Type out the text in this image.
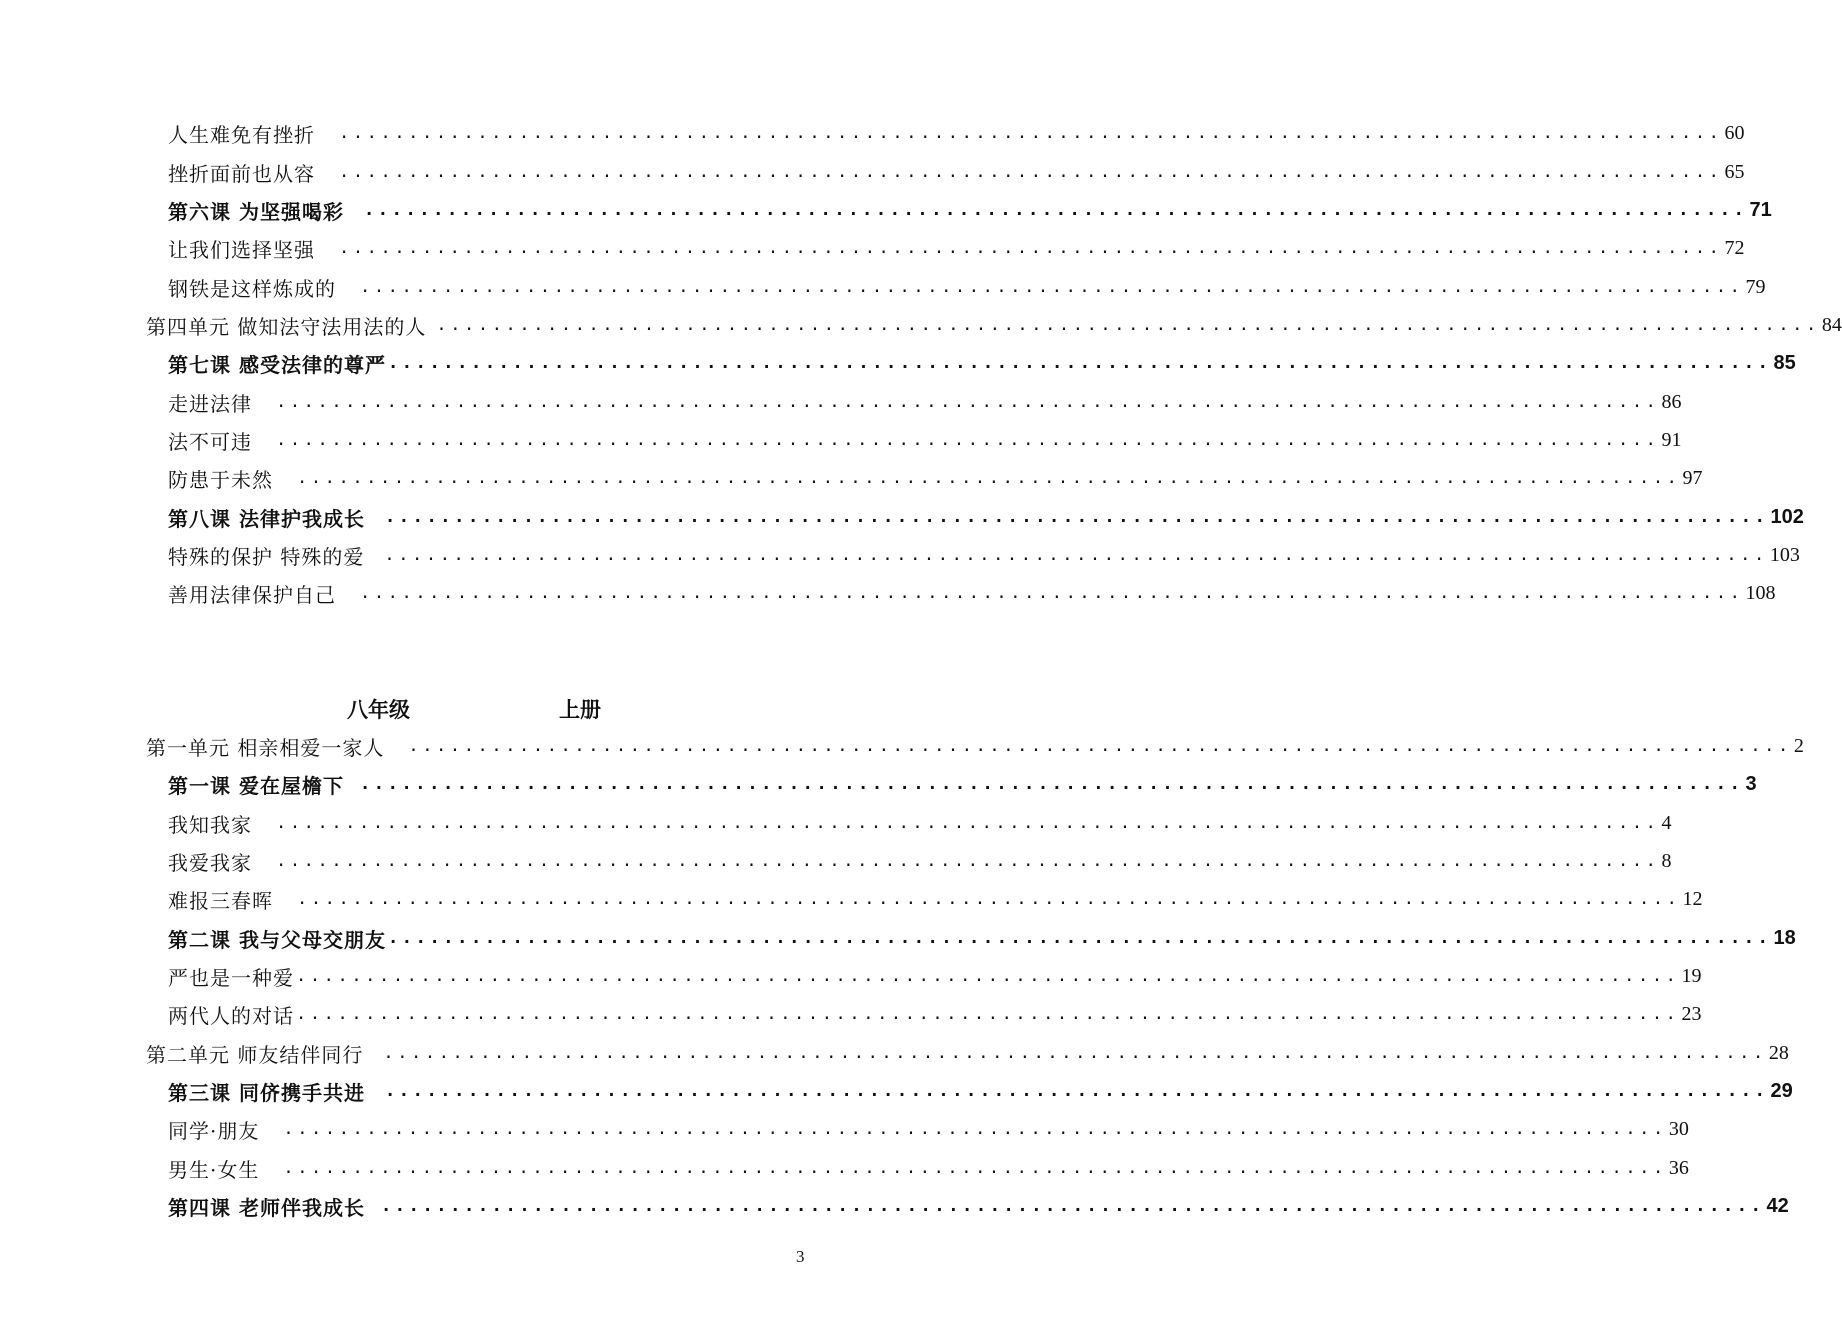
人生难免有挫折 .................................................................................................... 60
挫折面前也从容 .................................................................................................... 65
第六课 为坚强喝彩 .................................................................................................... 71
让我们选择坚强 .................................................................................................... 72
钢铁是这样炼成的 .................................................................................................... 79
第四单元 做知法守法用法的人 .................................................................................................... 84
第七课 感受法律的尊严 .................................................................................................... 85
走进法律 .................................................................................................... 86
法不可违 .................................................................................................... 91
防患于未然 .................................................................................................... 97
第八课 法律护我成长 .................................................................................................... 102
特殊的保护 特殊的爱 .................................................................................................... 103
善用法律保护自己 .................................................................................................... 108
八年级	上册
第一单元 相亲相爱一家人 .................................................................................................... 2
第一课 爱在屋檐下 .................................................................................................... 3
我知我家 .................................................................................................... 4
我爱我家 .................................................................................................... 8
难报三春晖 .................................................................................................... 12
第二课 我与父母交朋友 .................................................................................................... 18
严也是一种爱 .................................................................................................... 19
两代人的对话 .................................................................................................... 23
第二单元 师友结伴同行 .................................................................................................... 28
第三课 同侪携手共进 .................................................................................................... 29
同学·朋友 .................................................................................................... 30
男生·女生 .................................................................................................... 36
第四课 老师伴我成长 .................................................................................................... 42
3
